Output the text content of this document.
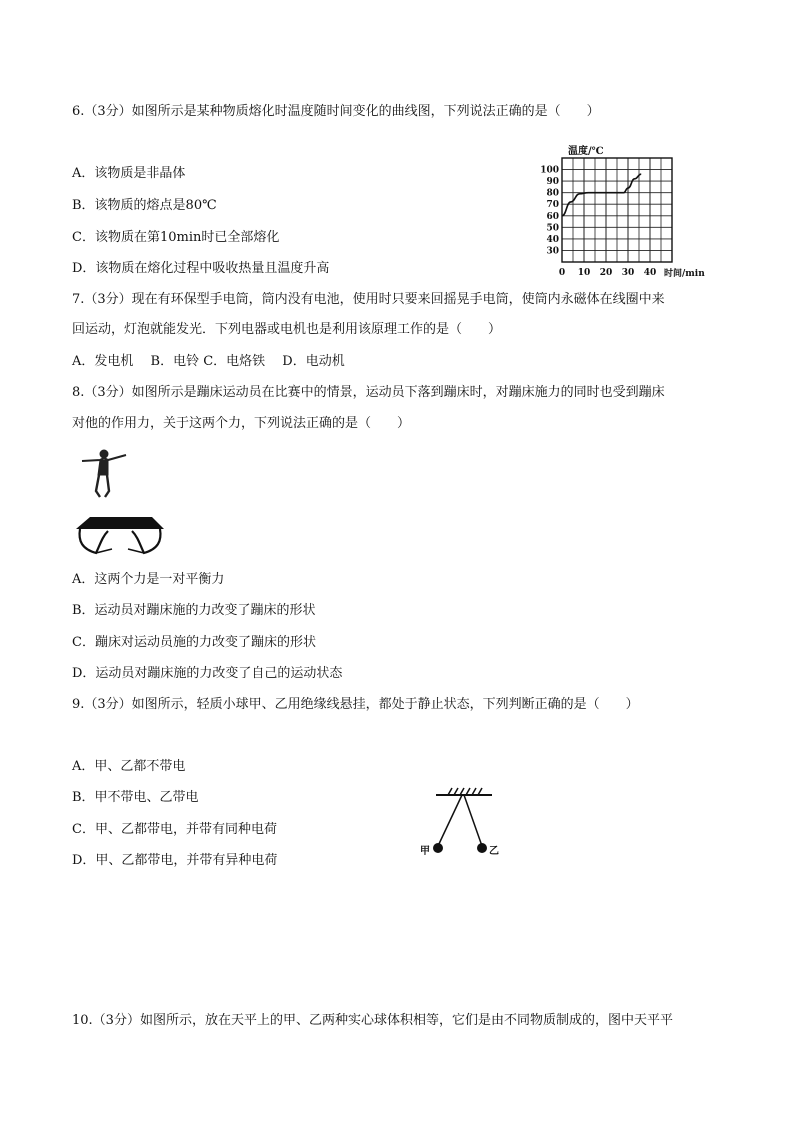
6.（3分）如图所示是某种物质熔化时温度随时间变化的曲线图，下列说法正确的是（　　）
A．该物质是非晶体
B．该物质的熔点是80℃
C．该物质在第10min时已全部熔化
D．该物质在熔化过程中吸收热量且温度升高
温度/℃
0 10 20 30 40
30
40
50
60
70
80
90
100
时间/min
7.（3分）现在有环保型手电筒，筒内没有电池，使用时只要来回摇晃手电筒，使筒内永磁体在线圈中来
回运动，灯泡就能发光．下列电器或电机也是利用该原理工作的是（　　）
A．发电机　 B．电铃 C．电烙铁　 D．电动机
8.（3分）如图所示是蹦床运动员在比赛中的情景，运动员下落到蹦床时，对蹦床施力的同时也受到蹦床
对他的作用力，关于这两个力，下列说法正确的是（　　）
A．这两个力是一对平衡力
B．运动员对蹦床施的力改变了蹦床的形状
C．蹦床对运动员施的力改变了蹦床的形状
D．运动员对蹦床施的力改变了自己的运动状态
9.（3分）如图所示，轻质小球甲、乙用绝缘线悬挂，都处于静止状态，下列判断正确的是（　　）
A．甲、乙都不带电
B．甲不带电、乙带电
C．甲、乙都带电，并带有同种电荷
D．甲、乙都带电，并带有异种电荷
甲	乙
10.（3分）如图所示，放在天平上的甲、乙两种实心球体积相等，它们是由不同物质制成的，图中天平平
